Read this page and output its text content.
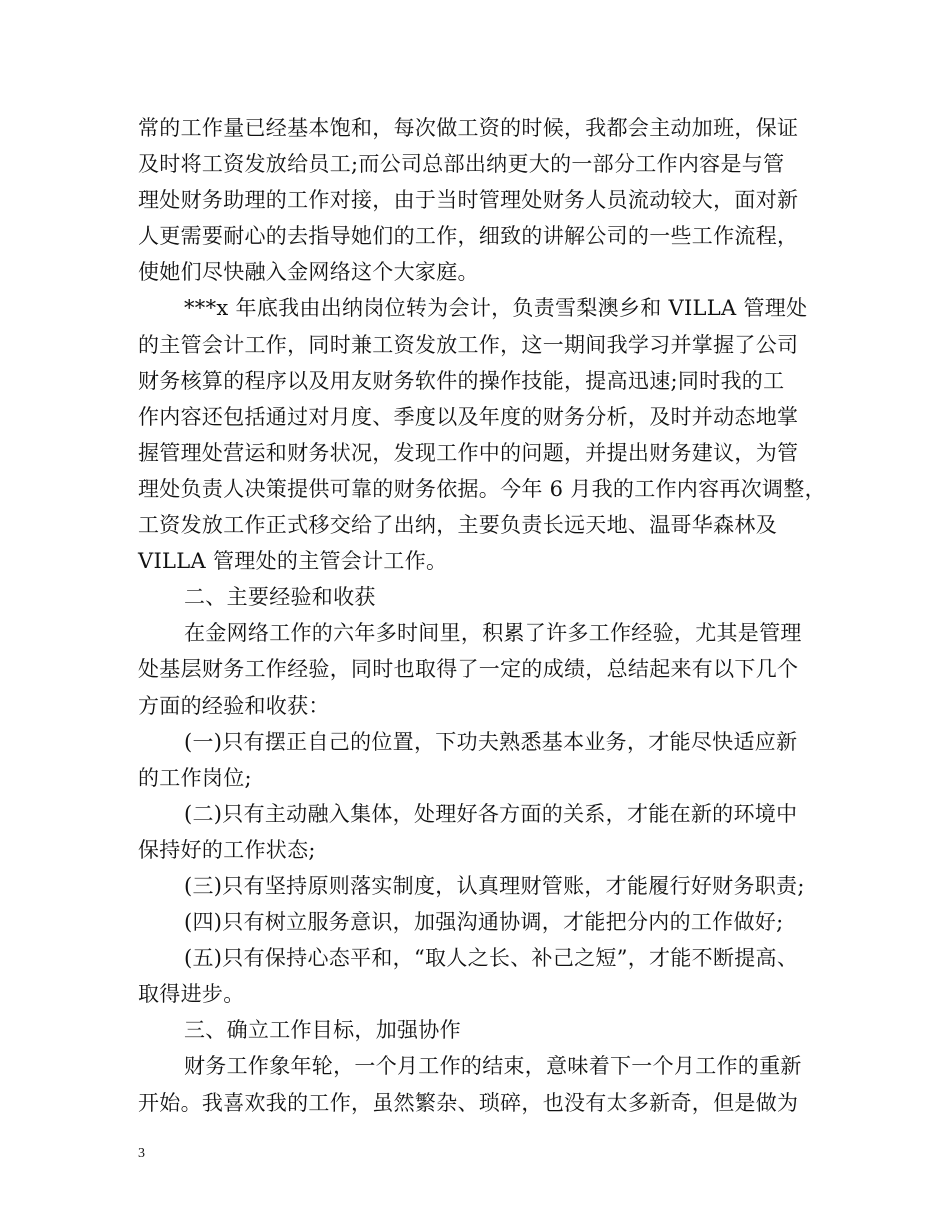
常的工作量已经基本饱和，每次做工资的时候，我都会主动加班，保证
及时将工资发放给员工;而公司总部出纳更大的一部分工作内容是与管
理处财务助理的工作对接，由于当时管理处财务人员流动较大，面对新
人更需要耐心的去指导她们的工作，细致的讲解公司的一些工作流程，
使她们尽快融入金网络这个大家庭。
***x 年底我由出纳岗位转为会计，负责雪梨澳乡和 VILLA 管理处
的主管会计工作，同时兼工资发放工作，这一期间我学习并掌握了公司
财务核算的程序以及用友财务软件的操作技能，提高迅速;同时我的工
作内容还包括通过对月度、季度以及年度的财务分析，及时并动态地掌
握管理处营运和财务状况，发现工作中的问题，并提出财务建议，为管
理处负责人决策提供可靠的财务依据。今年 6 月我的工作内容再次调整，
工资发放工作正式移交给了出纳，主要负责长远天地、温哥华森林及
VILLA 管理处的主管会计工作。
二、主要经验和收获
在金网络工作的六年多时间里，积累了许多工作经验，尤其是管理
处基层财务工作经验，同时也取得了一定的成绩，总结起来有以下几个
方面的经验和收获：
(一)只有摆正自己的位置，下功夫熟悉基本业务，才能尽快适应新
的工作岗位;
(二)只有主动融入集体，处理好各方面的关系，才能在新的环境中
保持好的工作状态;
(三)只有坚持原则落实制度，认真理财管账，才能履行好财务职责;
(四)只有树立服务意识，加强沟通协调，才能把分内的工作做好;
(五)只有保持心态平和，“取人之长、补己之短”，才能不断提高、
取得进步。
三、确立工作目标，加强协作
财务工作象年轮，一个月工作的结束，意味着下一个月工作的重新
开始。我喜欢我的工作，虽然繁杂、琐碎，也没有太多新奇，但是做为
3
